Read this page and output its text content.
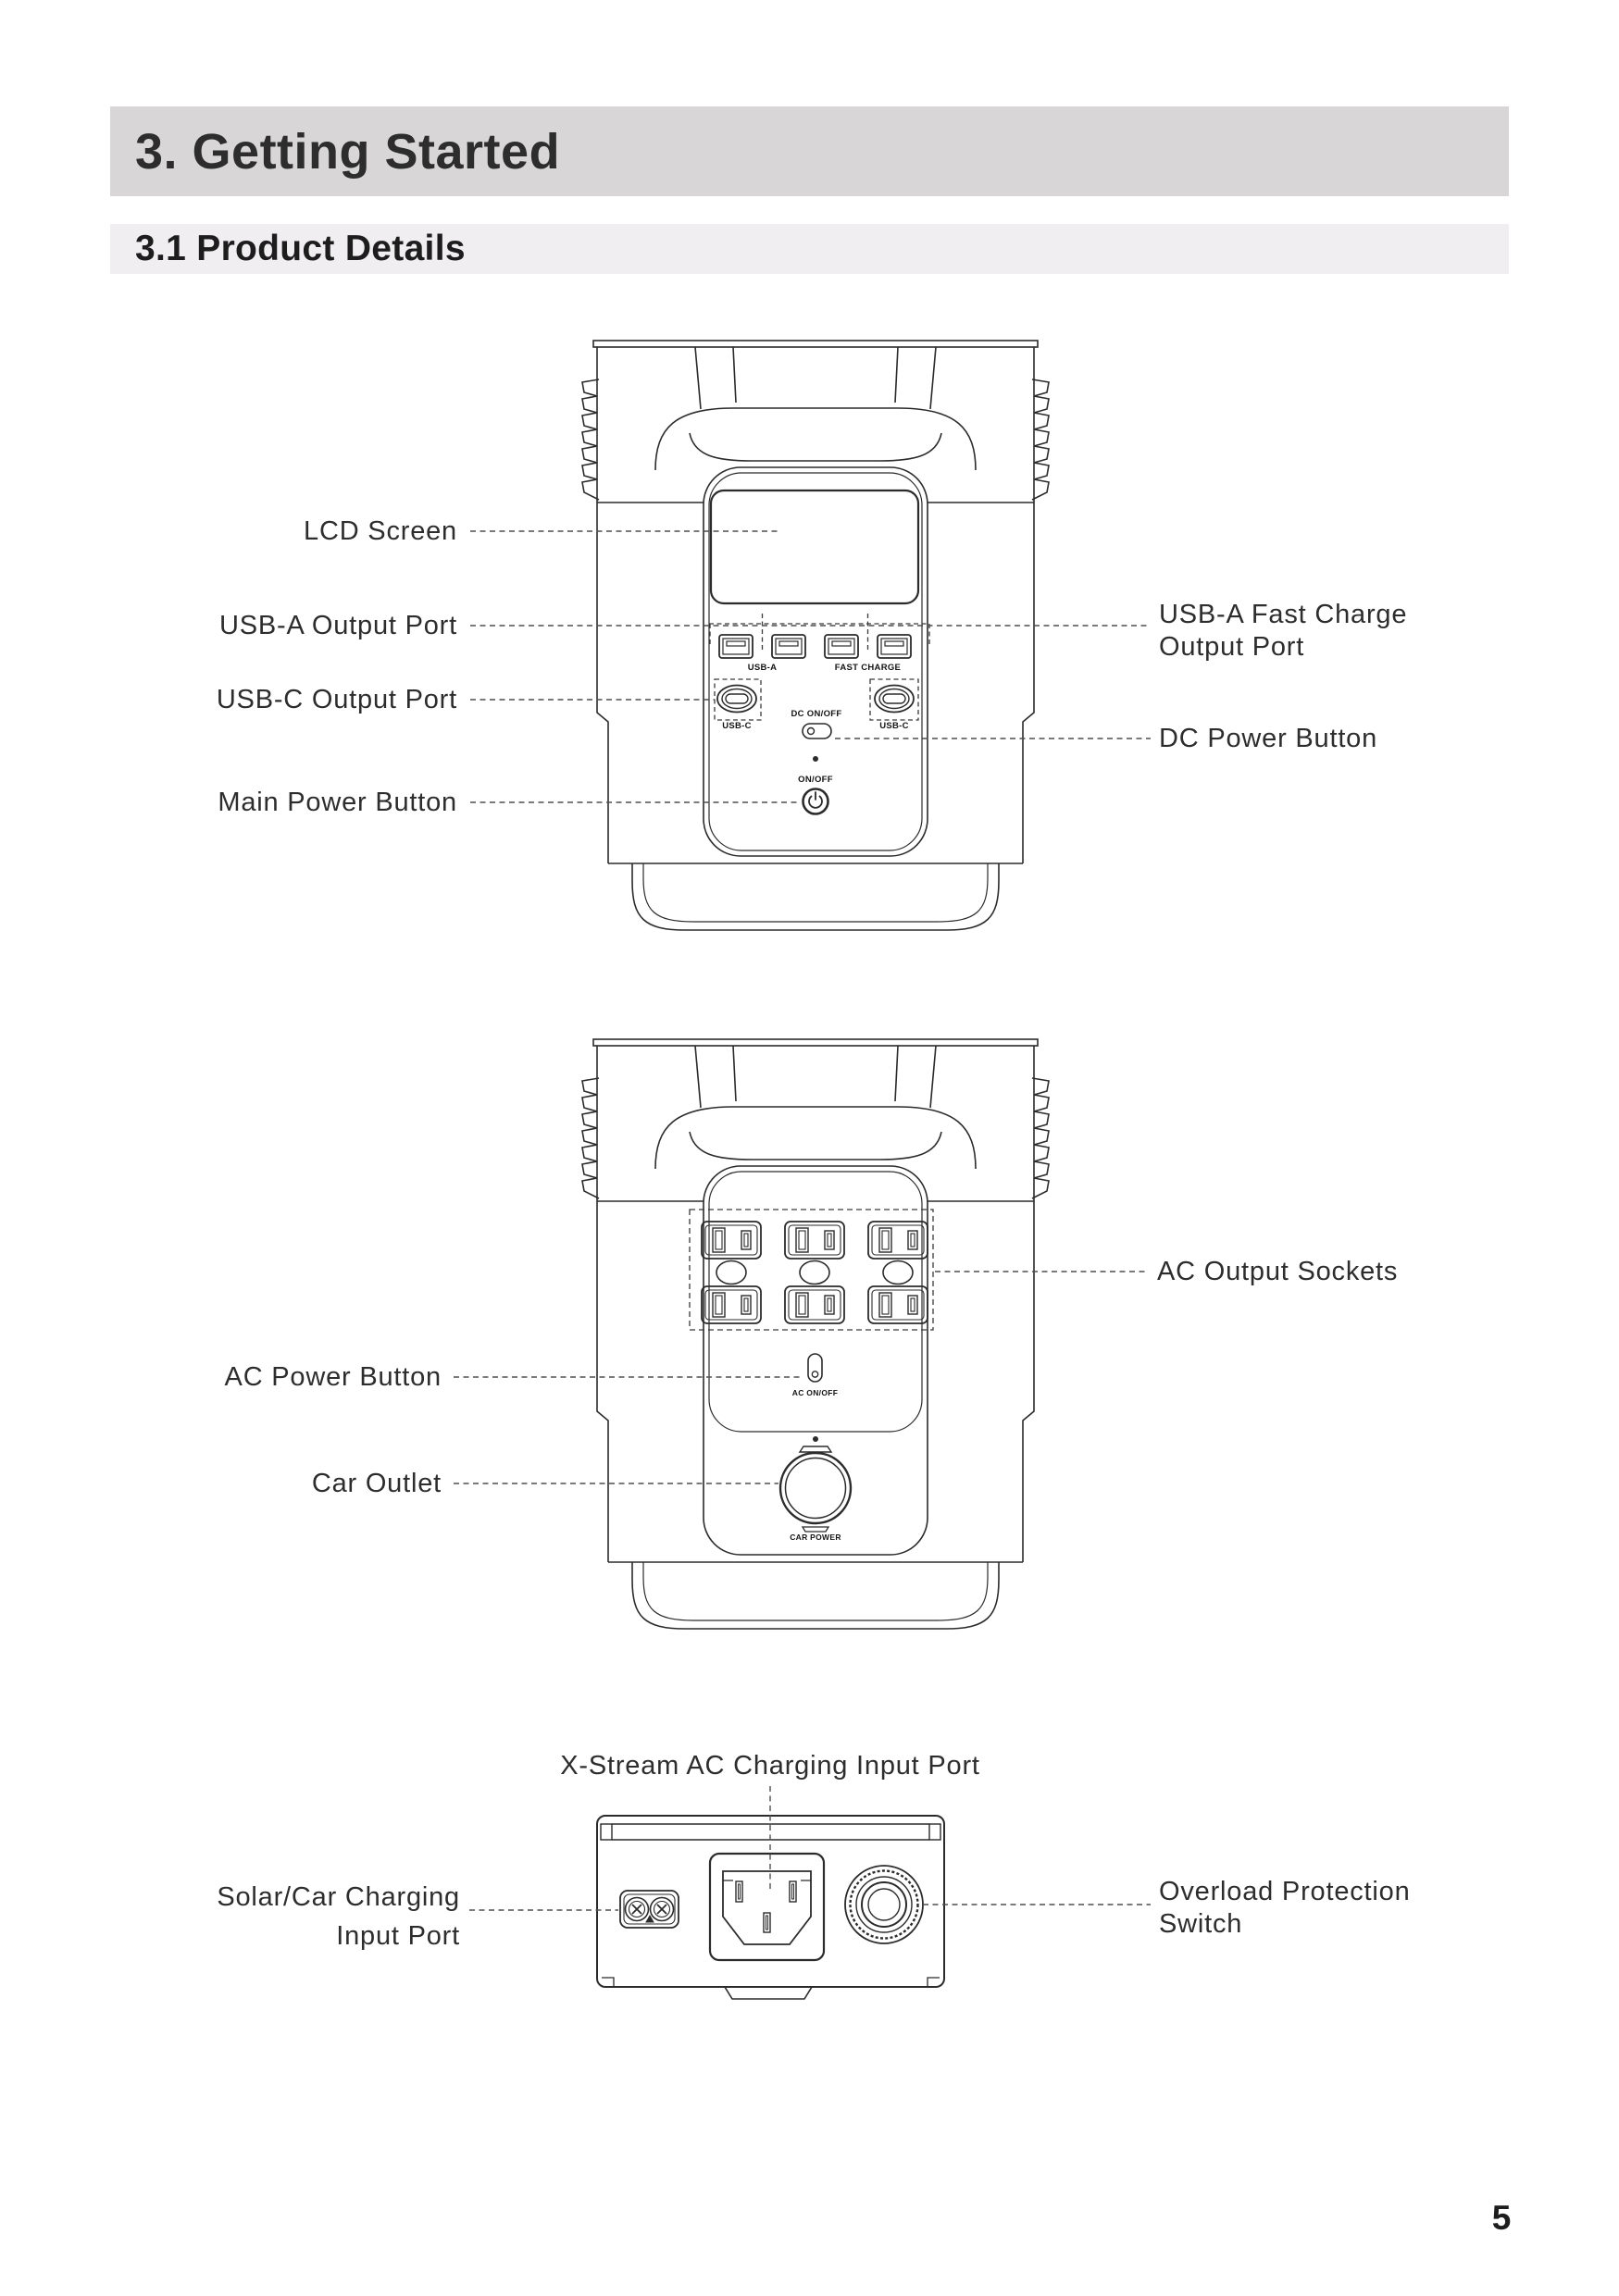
3. Getting Started
3.1 Product Details
USB-A	FAST CHARGE
USB-C	USB-C
DC ON/OFF
ON/OFF
AC ON/OFF
CAR POWER
LCD Screen
USB-A Output Port
USB-C Output Port
Main Power Button
USB-A Fast Charge
Output Port
DC Power Button
AC Output Sockets
AC Power Button
Car Outlet
X-Stream AC Charging Input Port
Solar/Car Charging
Input Port
Overload Protection
Switch
5
